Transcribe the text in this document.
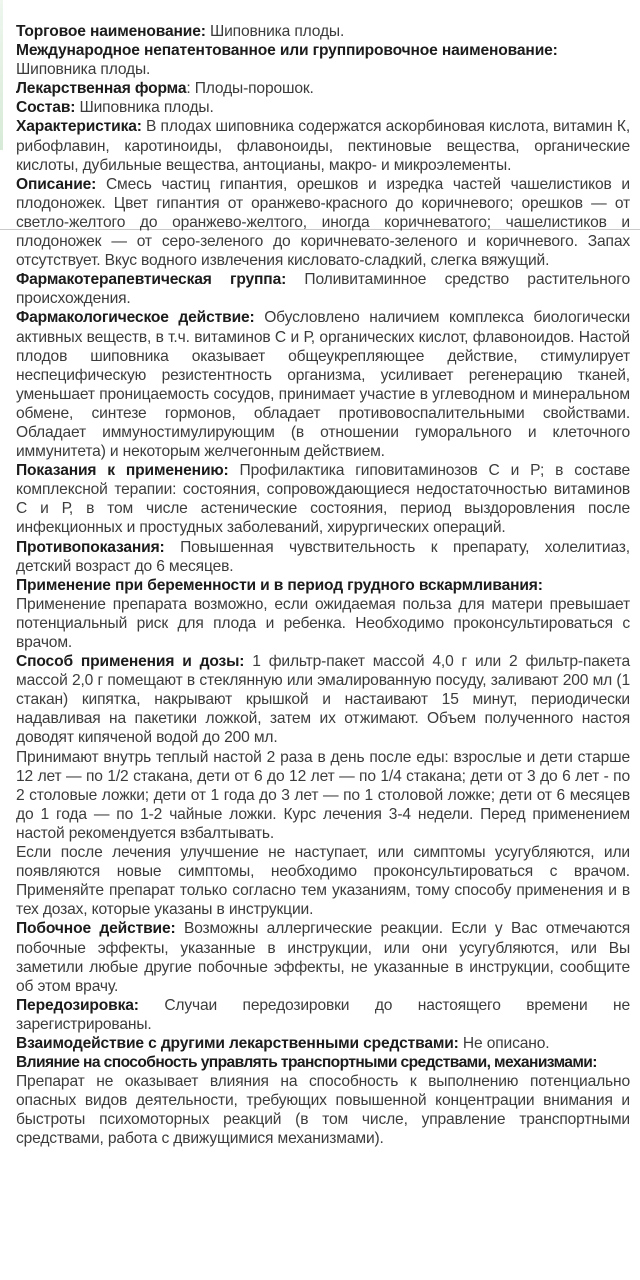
Торговое наименование: Шиповника плоды.

Международное непатентованное или группировочное наименование:
Шиповника плоды.

Лекарственная форма: Плоды-порошок.

Состав: Шиповника плоды.

Характеристика: В плодах шиповника содержатся аскорбиновая кислота, витамин К, рибофлавин, каротиноиды, флавоноиды, пектиновые вещества, органические кислоты, дубильные вещества, антоцианы, макро- и микроэлементы.

Описание: Смесь частиц гипантия, орешков и изредка частей чашелистиков и плодоножек. Цвет гипантия от оранжево-красного до коричневого; орешков — от светло-желтого до оранжево-желтого, иногда коричневатого; чашелистиков и плодоножек — от серо-зеленого до коричневато-зеленого и коричневого. Запах отсутствует. Вкус водного извлечения кисловато-сладкий, слегка вяжущий.

Фармакотерапевтическая группа: Поливитаминное средство растительного происхождения.

Фармакологическое действие: Обусловлено наличием комплекса биологически активных веществ, в т.ч. витаминов С и Р, органических кислот, флавоноидов. Настой плодов шиповника оказывает общеукрепляющее действие, стимулирует неспецифическую резистентность организма, усиливает регенерацию тканей, уменьшает проницаемость сосудов, принимает участие в углеводном и минеральном обмене, синтезе гормонов, обладает противовоспалительными свойствами. Обладает иммуностимулирующим (в отношении гуморального и клеточного иммунитета) и некоторым желчегонным действием.

Показания к применению: Профилактика гиповитаминозов С и Р; в составе комплексной терапии: состояния, сопровождающиеся недостаточностью витаминов С и Р, в том числе астенические состояния, период выздоровления после инфекционных и простудных заболеваний, хирургических операций.

Противопоказания: Повышенная чувствительность к препарату, холелитиаз, детский возраст до 6 месяцев.

Применение при беременности и в период грудного вскармливания:
Применение препарата возможно, если ожидаемая польза для матери превышает потенциальный риск для плода и ребенка. Необходимо проконсультироваться с врачом.

Способ применения и дозы: 1 фильтр-пакет массой 4,0 г или 2 фильтр-пакета массой 2,0 г помещают в стеклянную или эмалированную посуду, заливают 200 мл (1 стакан) кипятка, накрывают крышкой и настаивают 15 минут, периодически надавливая на пакетики ложкой, затем их отжимают. Объем полученного настоя доводят кипяченой водой до 200 мл.

Принимают внутрь теплый настой 2 раза в день после еды: взрослые и дети старше 12 лет — по 1/2 стакана, дети от 6 до 12 лет — по 1/4 стакана; дети от 3 до 6 лет - по 2 столовые ложки; дети от 1 года до 3 лет — по 1 столовой ложке; дети от 6 месяцев до 1 года — по 1-2 чайные ложки. Курс лечения 3-4 недели. Перед применением настой рекомендуется взбалтывать.

Если после лечения улучшение не наступает, или симптомы усугубляются, или появляются новые симптомы, необходимо проконсультироваться с врачом. Применяйте препарат только согласно тем указаниям, тому способу применения и в тех дозах, которые указаны в инструкции.

Побочное действие: Возможны аллергические реакции. Если у Вас отмечаются побочные эффекты, указанные в инструкции, или они усугубляются, или Вы заметили любые другие побочные эффекты, не указанные в инструкции, сообщите об этом врачу.

Передозировка: Случаи передозировки до настоящего времени не зарегистрированы.

Взаимодействие с другими лекарственными средствами: Не описано.

Влияние на способность управлять транспортными средствами, механизмами:
Препарат не оказывает влияния на способность к выполнению потенциально опасных видов деятельности, требующих повышенной концентрации внимания и быстроты психомоторных реакций (в том числе, управление транспортными средствами, работа с движущимися механизмами).
